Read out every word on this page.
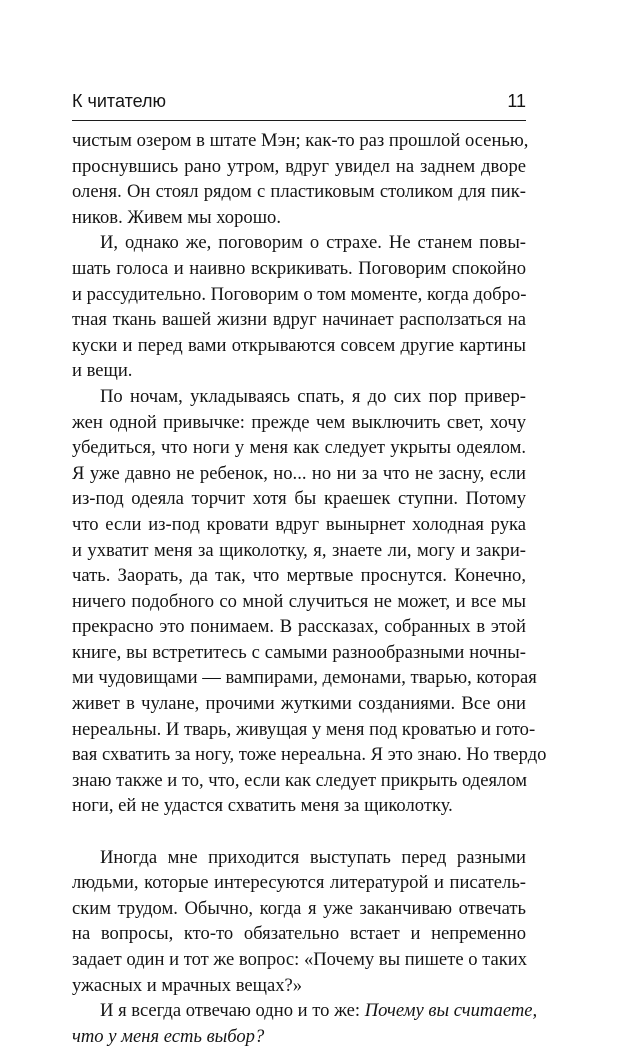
К читателю	11

чистым озером в штате Мэн; как-то раз прошлой осенью,
проснувшись рано утром, вдруг увидел на заднем дворе
оленя. Он стоял рядом с пластиковым столиком для пик-
ников. Живем мы хорошо.

И, однако же, поговорим о страхе. Не станем повы-
шать голоса и наивно вскрикивать. Поговорим спокойно
и рассудительно. Поговорим о том моменте, когда добро-
тная ткань вашей жизни вдруг начинает расползаться на
куски и перед вами открываются совсем другие картины
и вещи.

По ночам, укладываясь спать, я до сих пор привер-
жен одной привычке: прежде чем выключить свет, хочу
убедиться, что ноги у меня как следует укрыты одеялом.
Я уже давно не ребенок, но... но ни за что не засну, если
из-под одеяла торчит хотя бы краешек ступни. Потому
что если из-под кровати вдруг вынырнет холодная рука
и ухватит меня за щиколотку, я, знаете ли, могу и закри-
чать. Заорать, да так, что мертвые проснутся. Конечно,
ничего подобного со мной случиться не может, и все мы
прекрасно это понимаем. В рассказах, собранных в этой
книге, вы встретитесь с самыми разнообразными ночны-
ми чудовищами — вампирами, демонами, тварью, которая
живет в чулане, прочими жуткими созданиями. Все они
нереальны. И тварь, живущая у меня под кроватью и гото-
вая схватить за ногу, тоже нереальна. Я это знаю. Но твердо
знаю также и то, что, если как следует прикрыть одеялом
ноги, ей не удастся схватить меня за щиколотку.

Иногда мне приходится выступать перед разными
людьми, которые интересуются литературой и писатель-
ским трудом. Обычно, когда я уже заканчиваю отвечать
на вопросы, кто-то обязательно встает и непременно
задает один и тот же вопрос: «Почему вы пишете о таких
ужасных и мрачных вещах?»

И я всегда отвечаю одно и то же: Почему вы считаете,
что у меня есть выбор?
